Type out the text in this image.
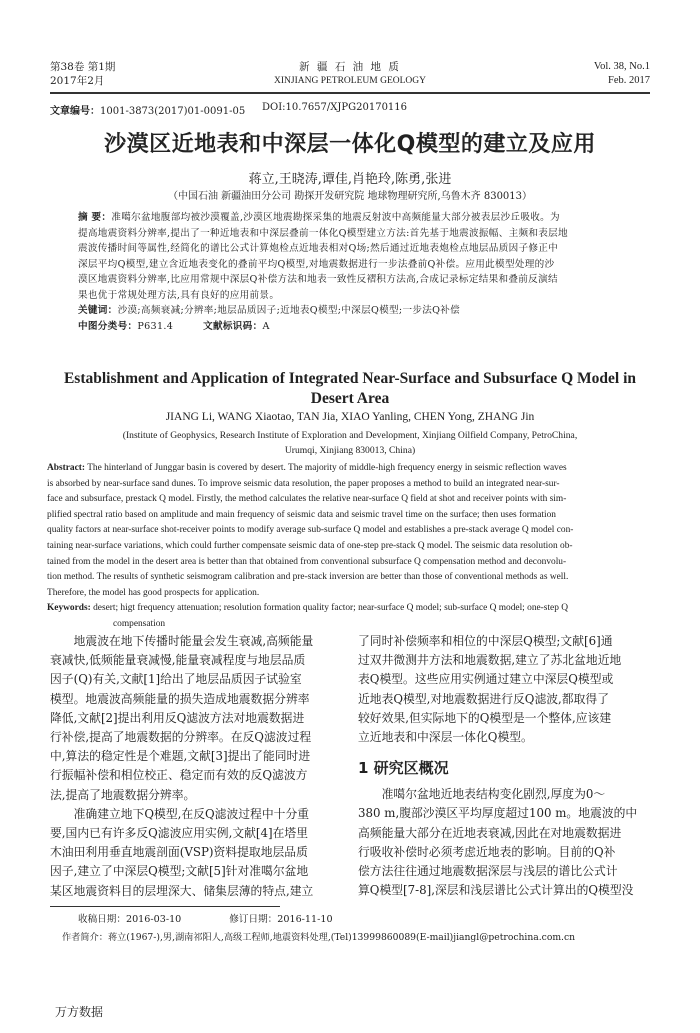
第38卷 第1期
2017年2月
新 疆 石 油 地 质
XINJIANG PETROLEUM GEOLOGY
Vol. 38, No.1
Feb. 2017
文章编号：1001-3873(2017)01-0091-05 DOI:10.7657/XJPG20170116
沙漠区近地表和中深层一体化Q模型的建立及应用
蒋立,王晓涛,谭佳,肖艳玲,陈勇,张进
（中国石油 新疆油田分公司 勘探开发研究院 地球物理研究所,乌鲁木齐 830013）
摘 要：准噶尔盆地腹部均被沙漠覆盖,沙漠区地震勘探采集的地震反射波中高频能量大部分被表层沙丘吸收。为
提高地震资料分辨率,提出了一种近地表和中深层叠前一体化Q模型建立方法:首先基于地震波振幅、主频和表层地
震波传播时间等属性,经简化的谱比公式计算炮检点近地表相对Q场;然后通过近地表炮检点地层品质因子修正中
深层平均Q模型,建立含近地表变化的叠前平均Q模型,对地震数据进行一步法叠前Q补偿。应用此模型处理的沙
漠区地震资料分辨率,比应用常规中深层Q补偿方法和地表一致性反褶积方法高,合成记录标定结果和叠前反演结
果也优于常规处理方法,具有良好的应用前景。
关键词：沙漠;高频衰减;分辨率;地层品质因子;近地表Q模型;中深层Q模型;一步法Q补偿
中图分类号：P631.4	文献标识码：A
Establishment and Application of Integrated Near-Surface and Subsurface Q Model in
Desert Area
JIANG Li, WANG Xiaotao, TAN Jia, XIAO Yanling, CHEN Yong, ZHANG Jin
(Institute of Geophysics, Research Institute of Exploration and Development, Xinjiang Oilfield Company, PetroChina,
Urumqi, Xinjiang 830013, China)
Abstract: The hinterland of Junggar basin is covered by desert. The majority of middle-high frequency energy in seismic reflection waves
is absorbed by near-surface sand dunes. To improve seismic data resolution, the paper proposes a method to build an integrated near-sur-
face and subsurface, prestack Q model. Firstly, the method calculates the relative near-surface Q field at shot and receiver points with sim-
plified spectral ratio based on amplitude and main frequency of seismic data and seismic travel time on the surface; then uses formation
quality factors at near-surface shot-receiver points to modify average sub-surface Q model and establishes a pre-stack average Q model con-
taining near-surface variations, which could further compensate seismic data of one-step pre-stack Q model. The seismic data resolution ob-
tained from the model in the desert area is better than that obtained from conventional subsurface Q compensation method and deconvolu-
tion method. The results of synthetic seismogram calibration and pre-stack inversion are better than those of conventional methods as well.
Therefore, the model has good prospects for application.
Keywords: desert; higt frequency attenuation; resolution formation quality factor; near-surface Q model; sub-surface Q model; one-step Q
compensation
地震波在地下传播时能量会发生衰减,高频能量
衰减快,低频能量衰减慢,能量衰减程度与地层品质
因子(Q)有关,文献[1]给出了地层品质因子试验室
模型。地震波高频能量的损失造成地震数据分辨率
降低,文献[2]提出利用反Q滤波方法对地震数据进
行补偿,提高了地震数据的分辨率。在反Q滤波过程
中,算法的稳定性是个难题,文献[3]提出了能同时进
行振幅补偿和相位校正、稳定而有效的反Q滤波方
法,提高了地震数据分辨率。
准确建立地下Q模型,在反Q滤波过程中十分重
要,国内已有许多反Q滤波应用实例,文献[4]在塔里
木油田利用垂直地震剖面(VSP)资料提取地层品质
因子,建立了中深层Q模型;文献[5]针对准噶尔盆地
某区地震资料目的层埋深大、储集层薄的特点,建立
了同时补偿频率和相位的中深层Q模型;文献[6]通
过双井微测井方法和地震数据,建立了苏北盆地近地
表Q模型。这些应用实例通过建立中深层Q模型或
近地表Q模型,对地震数据进行反Q滤波,都取得了
较好效果,但实际地下的Q模型是一个整体,应该建
立近地表和中深层一体化Q模型。
1 研究区概况
准噶尔盆地近地表结构变化剧烈,厚度为0～
380 m,腹部沙漠区平均厚度超过100 m。地震波的中
高频能量大部分在近地表衰减,因此在对地震数据进
行吸收补偿时必须考虑近地表的影响。目前的Q补
偿方法往往通过地震数据深层与浅层的谱比公式计
算Q模型[7-8],深层和浅层谱比公式计算出的Q模型没
收稿日期：2016-03-10	修订日期：2016-11-10
作者简介：蒋立(1967-),男,湖南祁阳人,高级工程师,地震资料处理,(Tel)13999860089(E-mail)jiangl@petrochina.com.cn
万方数据
